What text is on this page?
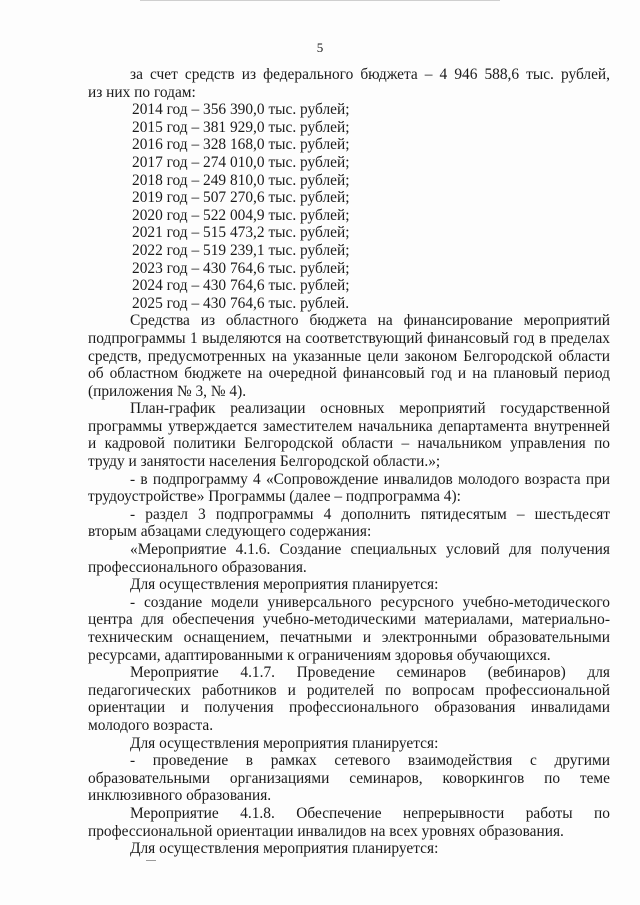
5

за счет средств из федерального бюджета – 4 946 588,6 тыс. рублей,

из них по годам:

2014 год – 356 390,0 тыс. рублей;
2015 год – 381 929,0 тыс. рублей;
2016 год – 328 168,0 тыс. рублей;
2017 год – 274 010,0 тыс. рублей;
2018 год – 249 810,0 тыс. рублей;
2019 год – 507 270,6 тыс. рублей;
2020 год – 522 004,9 тыс. рублей;
2021 год – 515 473,2 тыс. рублей;
2022 год – 519 239,1 тыс. рублей;
2023 год – 430 764,6 тыс. рублей;
2024 год – 430 764,6 тыс. рублей;
2025 год – 430 764,6 тыс. рублей.

Средства из областного бюджета на финансирование мероприятий подпрограммы 1 выделяются на соответствующий финансовый год в пределах средств, предусмотренных на указанные цели законом Белгородской области об областном бюджете на очередной финансовый год и на плановый период (приложения № 3, № 4).

План-график реализации основных мероприятий государственной программы утверждается заместителем начальника департамента внутренней и кадровой политики Белгородской области – начальником управления по труду и занятости населения Белгородской области.»;

- в подпрограмму 4 «Сопровождение инвалидов молодого возраста при трудоустройстве» Программы (далее – подпрограмма 4):

- раздел 3 подпрограммы 4 дополнить пятидесятым – шестьдесят вторым абзацами следующего содержания:

«Мероприятие 4.1.6. Создание специальных условий для получения профессионального образования.

Для осуществления мероприятия планируется:

- создание модели универсального ресурсного учебно-методического центра для обеспечения учебно-методическими материалами, материально-техническим оснащением, печатными и электронными образовательными ресурсами, адаптированными к ограничениям здоровья обучающихся.

Мероприятие 4.1.7. Проведение семинаров (вебинаров) для педагогических работников и родителей по вопросам профессиональной ориентации и получения профессионального образования инвалидами молодого возраста.

Для осуществления мероприятия планируется:

- проведение в рамках сетевого взаимодействия с другими образовательными организациями семинаров, коворкингов по теме инклюзивного образования.

Мероприятие 4.1.8. Обеспечение непрерывности работы по профессиональной ориентации инвалидов на всех уровнях образования.

Для осуществления мероприятия планируется:
